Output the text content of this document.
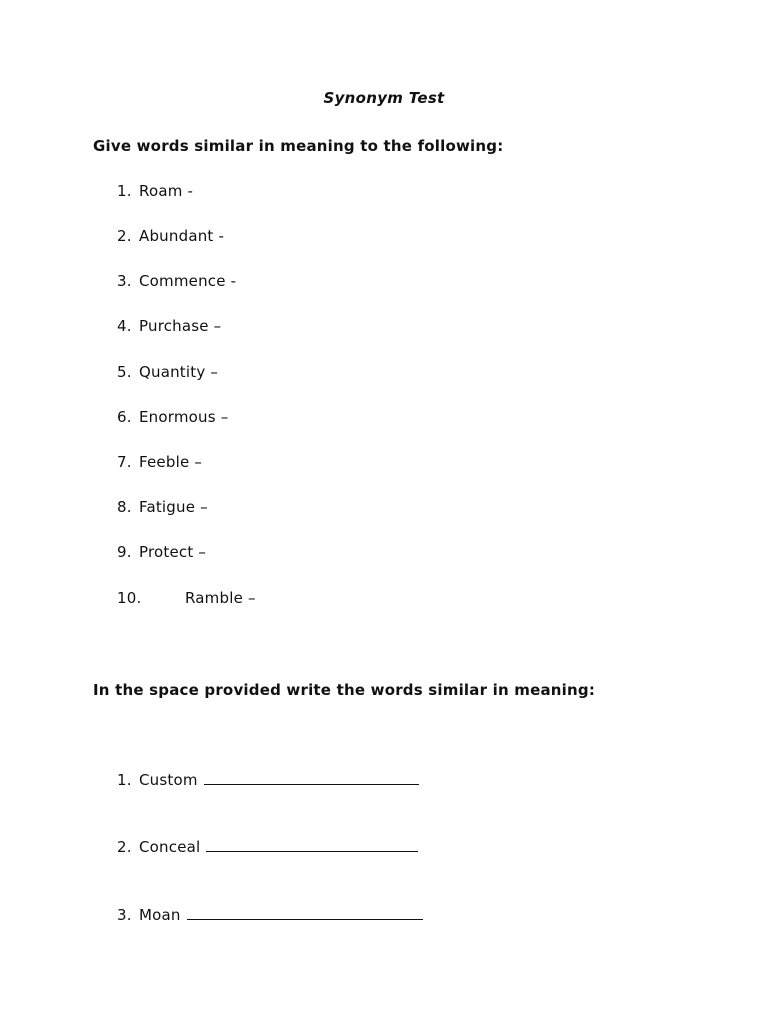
Synonym Test
Give words similar in meaning to the following:
1. Roam -
2. Abundant -
3. Commence -
4. Purchase –
5. Quantity –
6. Enormous –
7. Feeble –
8. Fatigue –
9. Protect –
10.	Ramble –
In the space provided write the words similar in meaning:
1. Custom
2. Conceal
3. Moan
